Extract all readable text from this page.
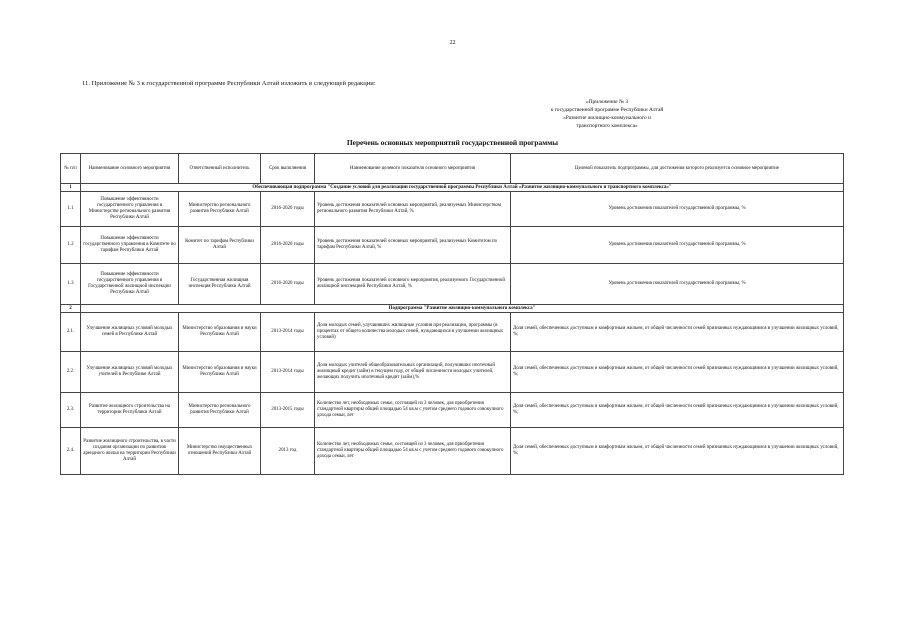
22
11. Приложение № 3 к государственной программе Республики Алтай изложить в следующей редакции:
«Приложение № 3
к государственной программе Республики Алтай
«Развитие жилищно-коммунального и
транспортного комплекса»
Перечень основных мероприятий государственной программы
№ п/п	Наименование основного мероприятия	Ответственный исполнитель	Срок выполнения	Наименование целевого показателя основного мероприятия	Целевой показатель подпрограммы, для достижения которого реализуется основное мероприятие
1	Обеспечивающая подпрограмма "Создание условий для реализации государственной программы Республики Алтай «Развитие жилищно-коммунального и транспортного комплекса»"				
1.1	Повышение эффективности государственного управления в Министерстве регионального развития Республики Алтай	Министерство регионального развития Республики Алтай	2016-2020 годы	Уровень достижения показателей основных мероприятий, реализуемых Министерством регионального развития Республики Алтай, %	Уровень достижения показателей государственной программы, %
1.2	Повышение эффективности государственного управления в Комитете по тарифам Республики Алтай	Комитет по тарифам Республики Алтай	2016-2020 годы	Уровень достижения показателей основных мероприятий, реализуемых Комитетом по тарифам Республики Алтай, %	Уровень достижения показателей государственной программы, %
1.3	Повышение эффективности государственного управления в Государственной жилищной инспекции Республики Алтай	Государственная жилищная инспекция Республики Алтай	2016-2020 годы	Уровень достижения показателей основного мероприятия, реализуемого Государственной жилищной инспекцией Республики Алтай, %	Уровень достижения показателей государственной программы, %
2	Подпрограмма "Развитие жилищно-коммунального комплекса"				
2.1.	Улучшение жилищных условий молодых семей в Республике Алтай	Министерство образования и науки Республики Алтай	2013-2014 годы	Доля молодых семей, улучшивших жилищные условия при реализации, программы (в процентах от общего количества молодых семей, нуждающихся в улучшении жилищных условий)	Доля семей, обеспеченных доступным и комфортным жильем, от общей численности семей признанных нуждающимися в улучшении жилищных условий, %;
2.2.	Улучшение жилищных условий молодых учителей в Республике Алтай	Министерство образования и науки Республики Алтай	2013-2014 годы	Доля молодых учителей общеобразовательных организаций, получивших ипотечный жилищный кредит (займ) в текущем году, от общей численности молодых учителей, желающих получить ипотечный кредит (займ),%	Доля семей, обеспеченных доступным и комфортным жильем, от общей численности семей признанных нуждающимися в улучшении жилищных условий, %;
2.3.	Развитие жилищного строительства на территории Республики Алтай	Министерство регионального развития Республики Алтай	2013-2015 годы	Количество лет, необходимых семье, состоящей из 3 человек, для приобретения стандартной квартиры общей площадью 54 кв.м с учетом среднего годового совокупного дохода семьи, лет	Доля семей, обеспеченных доступным и комфортным жильем, от общей численности семей признанных нуждающимися в улучшении жилищных условий, %;
2.4.	Развитие жилищного строительства, в части создания организации по развитию арендного жилья на территории Республики Алтай	Министерство имущественных отношений Республики Алтай	2013 год	Количество лет, необходимых семье, состоящей из 3 человек, для приобретения стандартной квартиры общей площадью 54 кв.м с учетом среднего годового совокупного дохода семьи, лет	Доля семей, обеспеченных доступным и комфортным жильем, от общей численности семей признанных нуждающимися в улучшении жилищных условий, %;
